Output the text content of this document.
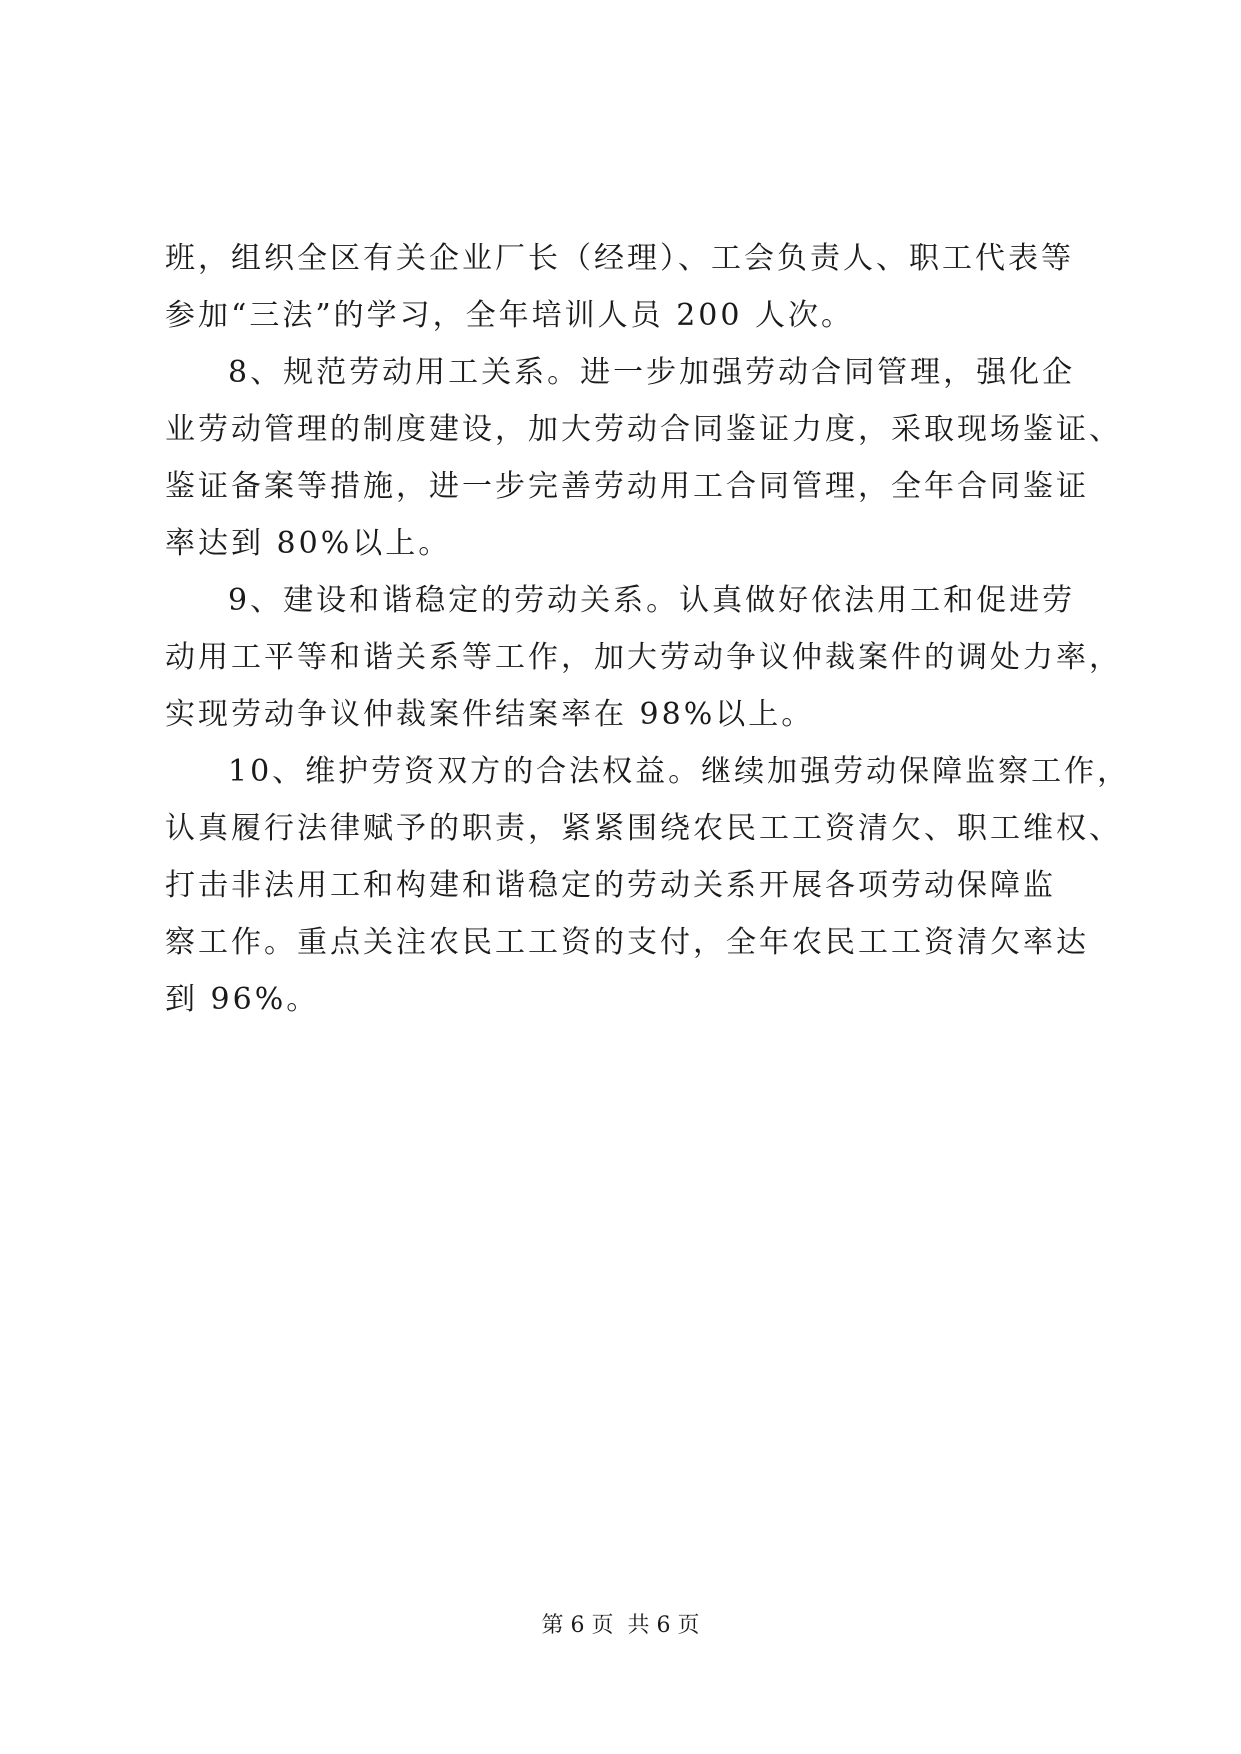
班，组织全区有关企业厂长（经理）、工会负责人、职工代表等
参加“三法”的学习，全年培训人员 200 人次。
8、规范劳动用工关系。进一步加强劳动合同管理，强化企
业劳动管理的制度建设，加大劳动合同鉴证力度，采取现场鉴证、
鉴证备案等措施，进一步完善劳动用工合同管理，全年合同鉴证
率达到 80%以上。
9、建设和谐稳定的劳动关系。认真做好依法用工和促进劳
动用工平等和谐关系等工作，加大劳动争议仲裁案件的调处力率，
实现劳动争议仲裁案件结案率在 98%以上。
10、维护劳资双方的合法权益。继续加强劳动保障监察工作，
认真履行法律赋予的职责，紧紧围绕农民工工资清欠、职工维权、
打击非法用工和构建和谐稳定的劳动关系开展各项劳动保障监
察工作。重点关注农民工工资的支付，全年农民工工资清欠率达
到 96%。
第 6 页  共 6 页
